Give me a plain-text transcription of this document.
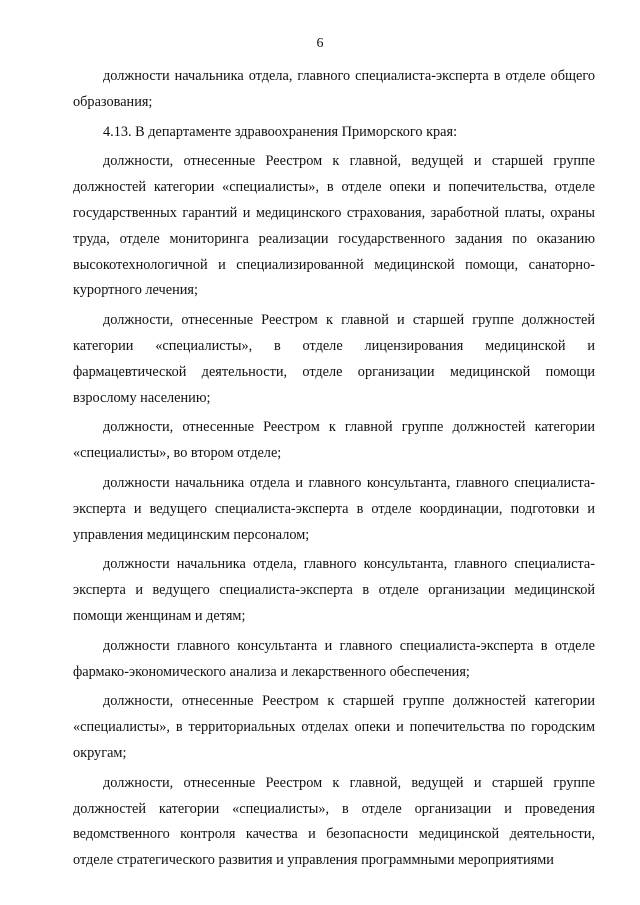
6

должности начальника отдела, главного специалиста-эксперта в отделе общего образования;

4.13. В департаменте здравоохранения Приморского края:

должности, отнесенные Реестром к главной, ведущей и старшей группе должностей категории «специалисты», в отделе опеки и попечительства, отделе государственных гарантий и медицинского страхования, заработной платы, охраны труда, отделе мониторинга реализации государственного задания по оказанию высокотехнологичной и специализированной медицинской помощи, санаторно-курортного лечения;

должности, отнесенные Реестром к главной и старшей группе должностей категории «специалисты», в отделе лицензирования медицинской и фармацевтической деятельности, отделе организации медицинской помощи взрослому населению;

должности, отнесенные Реестром к главной группе должностей категории «специалисты», во втором отделе;

должности начальника отдела и главного консультанта, главного специалиста-эксперта и ведущего специалиста-эксперта в отделе координации, подготовки и управления медицинским персоналом;

должности начальника отдела, главного консультанта, главного специалиста-эксперта и ведущего специалиста-эксперта в отделе организации медицинской помощи женщинам и детям;

должности главного консультанта и главного специалиста-эксперта в отделе фармако-экономического анализа и лекарственного обеспечения;

должности, отнесенные Реестром к старшей группе должностей категории «специалисты», в территориальных отделах опеки и попечительства по городским округам;

должности, отнесенные Реестром к главной, ведущей и старшей группе должностей категории «специалисты», в отделе организации и проведения ведомственного контроля качества и безопасности медицинской деятельности, отделе стратегического развития и управления программными мероприятиями
